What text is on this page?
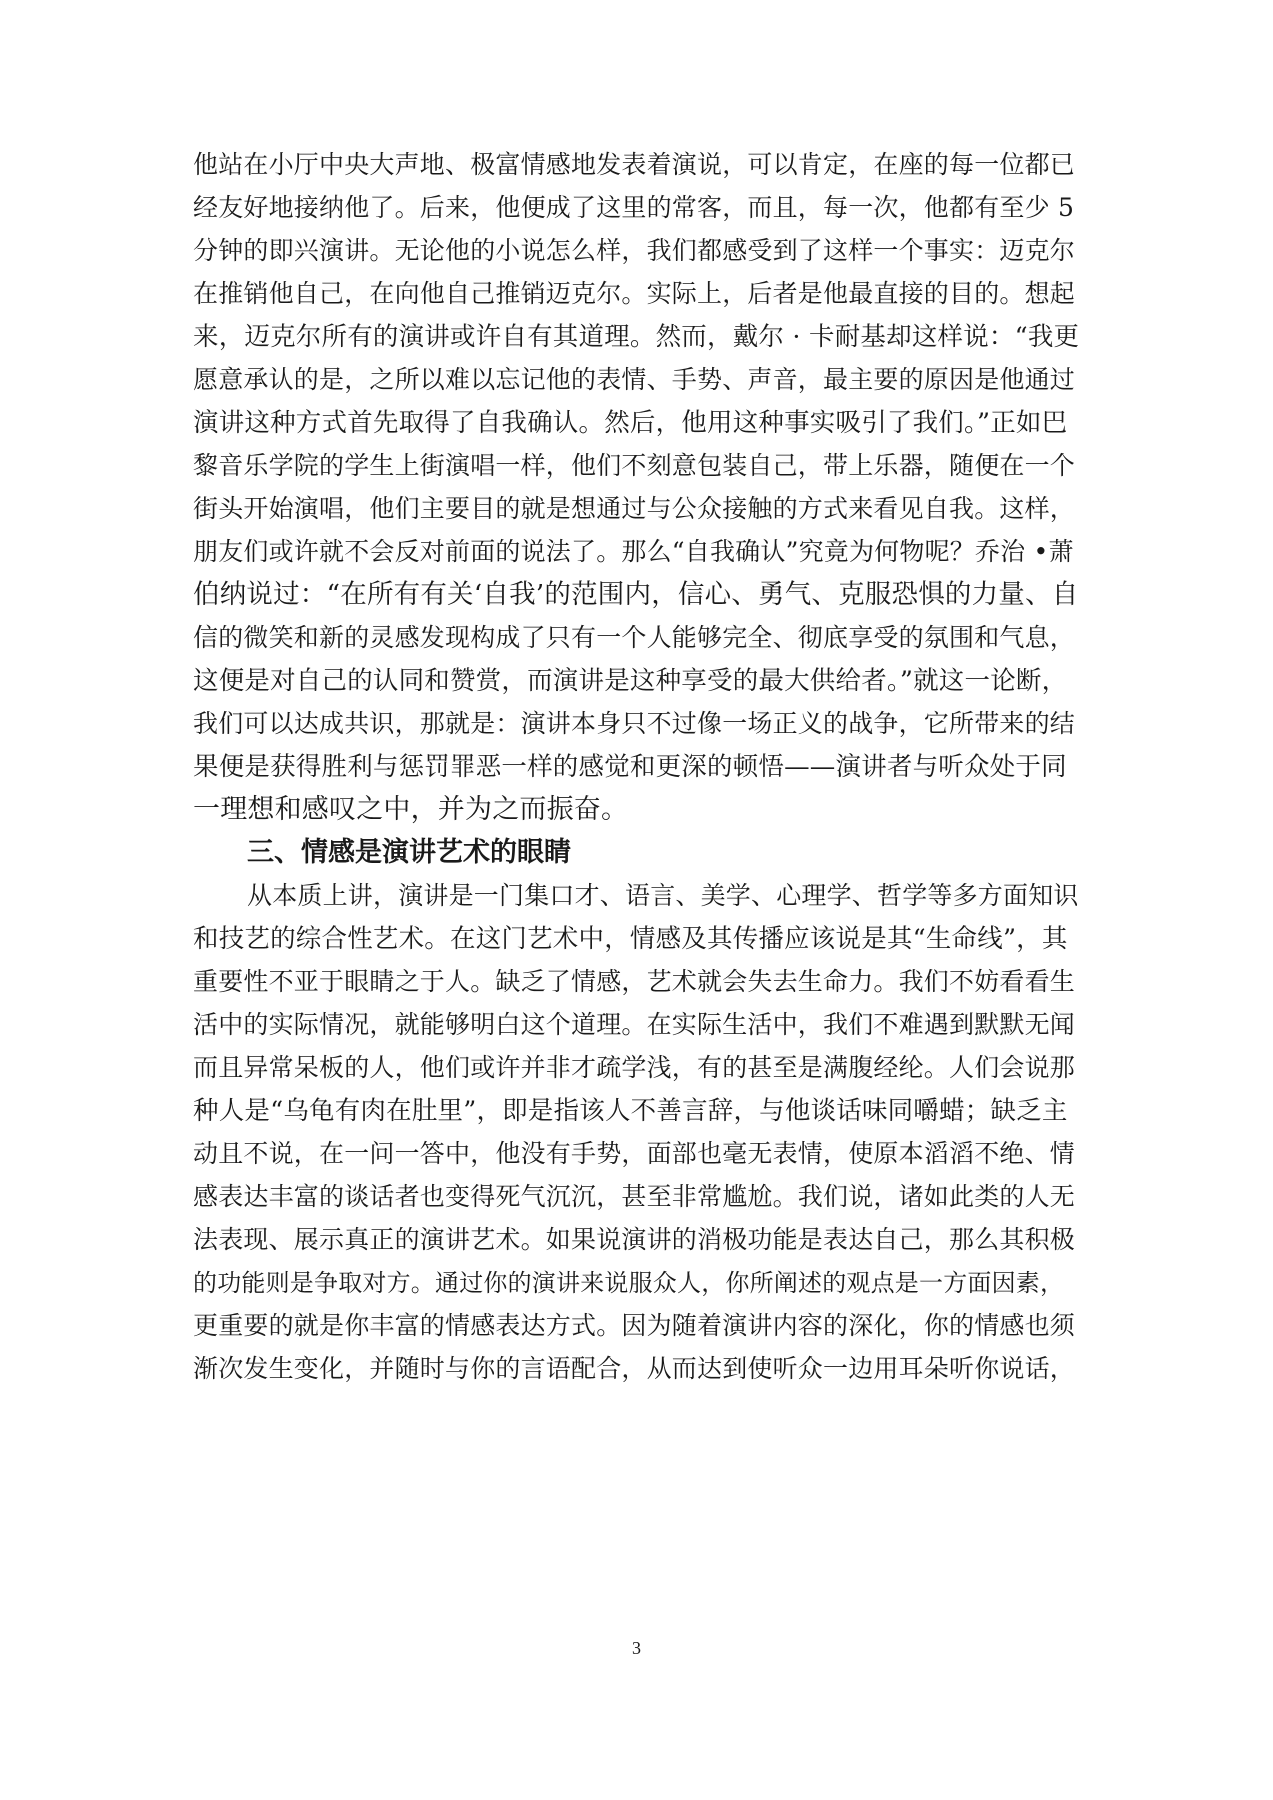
他站在小厅中央大声地、极富情感地发表着演说，可以肯定，在座的每一位都已
经友好地接纳他了。后来，他便成了这里的常客，而且，每一次，他都有至少 5
分钟的即兴演讲。无论他的小说怎么样，我们都感受到了这样一个事实：迈克尔
在推销他自己，在向他自己推销迈克尔。实际上，后者是他最直接的目的。想起
来，迈克尔所有的演讲或许自有其道理。然而，戴尔 · 卡耐基却这样说：“我更
愿意承认的是，之所以难以忘记他的表情、手势、声音，最主要的原因是他通过
演讲这种方式首先取得了自我确认。然后，他用这种事实吸引了我们。”正如巴
黎音乐学院的学生上街演唱一样，他们不刻意包装自己，带上乐器，随便在一个
街头开始演唱，他们主要目的就是想通过与公众接触的方式来看见自我。这样，
朋友们或许就不会反对前面的说法了。那么“自我确认”究竟为何物呢？乔治 •萧
伯纳说过：“在所有有关‘自我’的范围内，信心、勇气、克服恐惧的力量、自
信的微笑和新的灵感发现构成了只有一个人能够完全、彻底享受的氛围和气息，
这便是对自己的认同和赞赏，而演讲是这种享受的最大供给者。”就这一论断，
我们可以达成共识，那就是：演讲本身只不过像一场正义的战争，它所带来的结
果便是获得胜利与惩罚罪恶一样的感觉和更深的顿悟——演讲者与听众处于同
一理想和感叹之中，并为之而振奋。
三、情感是演讲艺术的眼睛
从本质上讲，演讲是一门集口才、语言、美学、心理学、哲学等多方面知识
和技艺的综合性艺术。在这门艺术中，情感及其传播应该说是其“生命线”，其
重要性不亚于眼睛之于人。缺乏了情感，艺术就会失去生命力。我们不妨看看生
活中的实际情况，就能够明白这个道理。在实际生活中，我们不难遇到默默无闻
而且异常呆板的人，他们或许并非才疏学浅，有的甚至是满腹经纶。人们会说那
种人是“乌龟有肉在肚里”，即是指该人不善言辞，与他谈话味同嚼蜡；缺乏主
动且不说，在一问一答中，他没有手势，面部也毫无表情，使原本滔滔不绝、情
感表达丰富的谈话者也变得死气沉沉，甚至非常尴尬。我们说，诸如此类的人无
法表现、展示真正的演讲艺术。如果说演讲的消极功能是表达自己，那么其积极
的功能则是争取对方。通过你的演讲来说服众人，你所阐述的观点是一方面因素，
更重要的就是你丰富的情感表达方式。因为随着演讲内容的深化，你的情感也须
渐次发生变化，并随时与你的言语配合，从而达到使听众一边用耳朵听你说话，
3
